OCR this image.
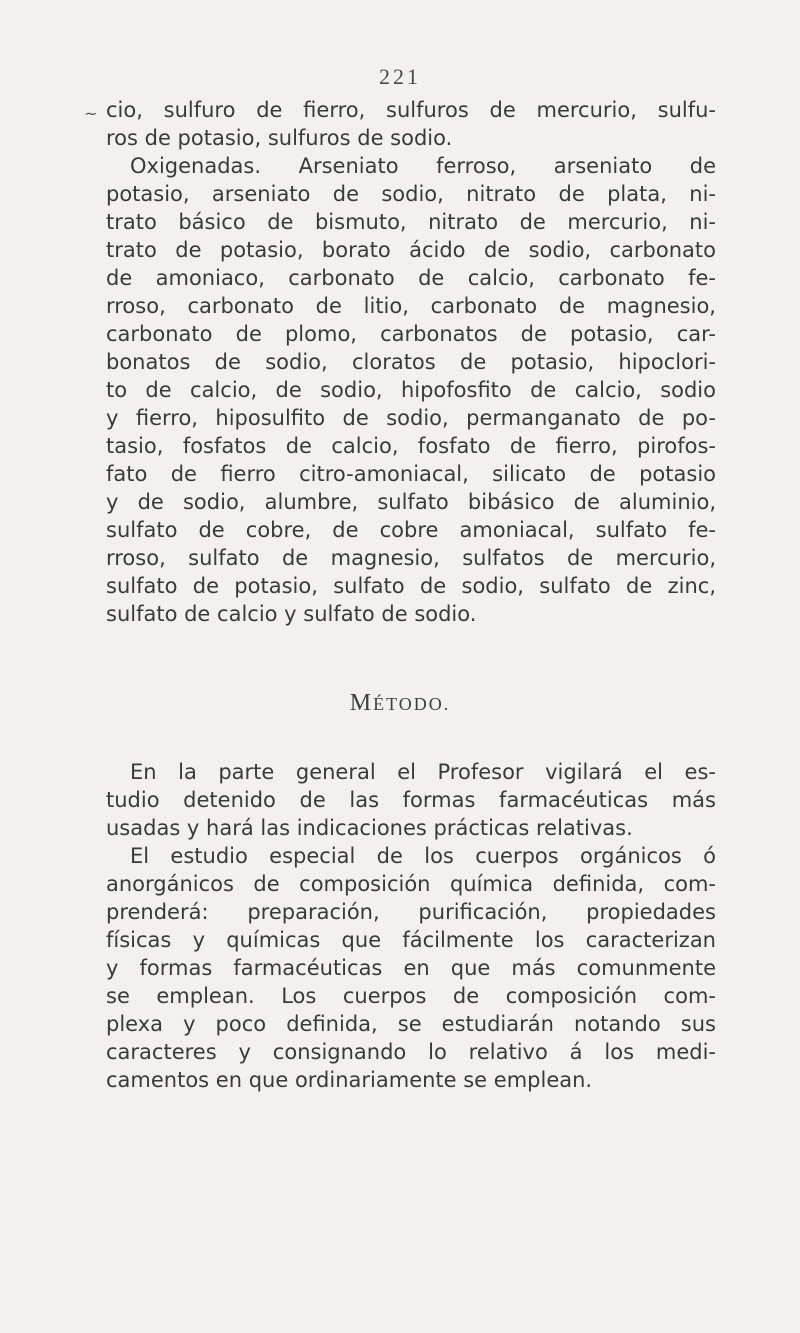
221
~ cio, sulfuro de fierro, sulfuros de mercurio, sulfu-
ros de potasio, sulfuros de sodio.
Oxigenadas. Arseniato ferroso, arseniato de
potasio, arseniato de sodio, nitrato de plata, ni-
trato básico de bismuto, nitrato de mercurio, ni-
trato de potasio, borato ácido de sodio, carbonato
de amoniaco, carbonato de calcio, carbonato fe-
rroso, carbonato de litio, carbonato de magnesio,
carbonato de plomo, carbonatos de potasio, car-
bonatos de sodio, cloratos de potasio, hipoclori-
to de calcio, de sodio, hipofosfito de calcio, sodio
y fierro, hiposulfito de sodio, permanganato de po-
tasio, fosfatos de calcio, fosfato de fierro, pirofos-
fato de fierro citro-amoniacal, silicato de potasio
y de sodio, alumbre, sulfato bibásico de aluminio,
sulfato de cobre, de cobre amoniacal, sulfato fe-
rroso, sulfato de magnesio, sulfatos de mercurio,
sulfato de potasio, sulfato de sodio, sulfato de zinc,
sulfato de calcio y sulfato de sodio.
MÉTODO.
En la parte general el Profesor vigilará el es-
tudio detenido de las formas farmacéuticas más
usadas y hará las indicaciones prácticas relativas.
El estudio especial de los cuerpos orgánicos ó
anorgánicos de composición química definida, com-
prenderá: preparación, purificación, propiedades
físicas y químicas que fácilmente los caracterizan
y formas farmacéuticas en que más comunmente
se emplean. Los cuerpos de composición com-
plexa y poco definida, se estudiarán notando sus
caracteres y consignando lo relativo á los medi-
camentos en que ordinariamente se emplean.
